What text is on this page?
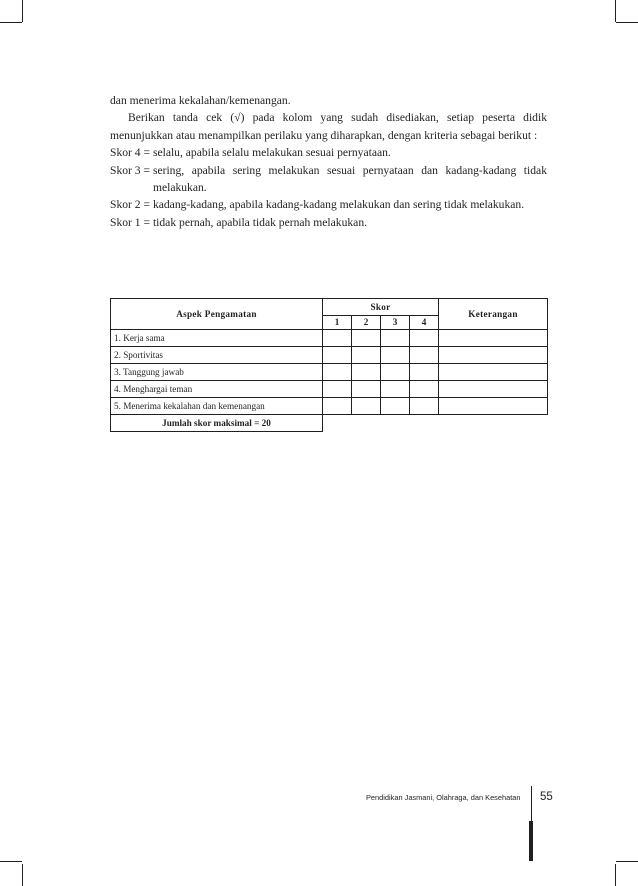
dan menerima kekalahan/kemenangan.

Berikan tanda cek (√) pada kolom yang sudah disediakan, setiap peserta didik menunjukkan atau menampilkan perilaku yang diharapkan, dengan kriteria sebagai berikut :

Skor 4 = selalu, apabila selalu melakukan sesuai pernyataan.
Skor 3 = sering, apabila sering melakukan sesuai pernyataan dan kadang-kadang tidak melakukan.
Skor 2 = kadang-kadang, apabila kadang-kadang melakukan dan sering tidak melakukan.
Skor 1 = tidak pernah, apabila tidak pernah melakukan.
Aspek Pengamatan	Skor				Keterangan
	1	2	3	4	
1. Kerja sama					
2. Sportivitas					
3. Tanggung jawab					
4. Menghargai teman					
5. Menerima kekalahan dan kemenangan					
Jumlah skor maksimal = 20					
Pendidikan Jasmani, Olahraga, dan Kesehatan 55
